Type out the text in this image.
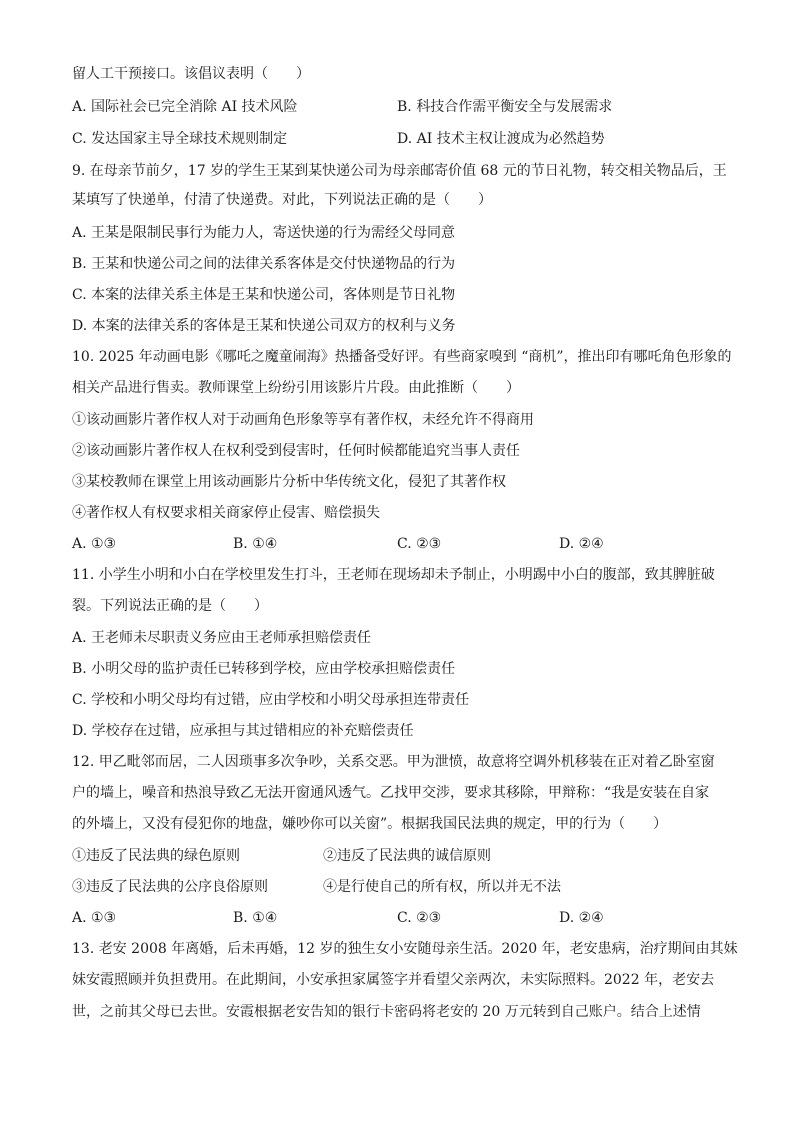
留人工干预接口。该倡议表明（　　）
A. 国际社会已完全消除 AI 技术风险	B. 科技合作需平衡安全与发展需求
C. 发达国家主导全球技术规则制定	D. AI 技术主权让渡成为必然趋势
9. 在母亲节前夕，17 岁的学生王某到某快递公司为母亲邮寄价值 68 元的节日礼物，转交相关物品后，王
某填写了快递单，付清了快递费。对此，下列说法正确的是（　　）
A. 王某是限制民事行为能力人，寄送快递的行为需经父母同意
B. 王某和快递公司之间的法律关系客体是交付快递物品的行为
C. 本案的法律关系主体是王某和快递公司，客体则是节日礼物
D. 本案的法律关系的客体是王某和快递公司双方的权利与义务
10. 2025 年动画电影《哪吒之魔童闹海》热播备受好评。有些商家嗅到 “商机”，推出印有哪吒角色形象的
相关产品进行售卖。教师课堂上纷纷引用该影片片段。由此推断（　　）
①该动画影片著作权人对于动画角色形象等享有著作权，未经允许不得商用
②该动画影片著作权人在权利受到侵害时，任何时候都能追究当事人责任
③某校教师在课堂上用该动画影片分析中华传统文化，侵犯了其著作权
④著作权人有权要求相关商家停止侵害、赔偿损失
A. ①③	B. ①④	C. ②③	D. ②④
11. 小学生小明和小白在学校里发生打斗，王老师在现场却未予制止，小明踢中小白的腹部，致其脾脏破
裂。下列说法正确的是（　　）
A. 王老师未尽职责义务应由王老师承担赔偿责任
B. 小明父母的监护责任已转移到学校，应由学校承担赔偿责任
C. 学校和小明父母均有过错，应由学校和小明父母承担连带责任
D. 学校存在过错，应承担与其过错相应的补充赔偿责任
12. 甲乙毗邻而居，二人因琐事多次争吵，关系交恶。甲为泄愤，故意将空调外机移装在正对着乙卧室窗
户的墙上，噪音和热浪导致乙无法开窗通风透气。乙找甲交涉，要求其移除，甲辩称：“我是安装在自家
的外墙上，又没有侵犯你的地盘，嫌吵你可以关窗”。根据我国民法典的规定，甲的行为（　　）
①违反了民法典的绿色原则	②违反了民法典的诚信原则
③违反了民法典的公序良俗原则	④是行使自己的所有权，所以并无不法
A. ①③	B. ①④	C. ②③	D. ②④
13. 老安 2008 年离婚，后未再婚，12 岁的独生女小安随母亲生活。2020 年，老安患病，治疗期间由其妹
妹安霞照顾并负担费用。在此期间，小安承担家属签字并看望父亲两次，未实际照料。2022 年，老安去
世，之前其父母已去世。安霞根据老安告知的银行卡密码将老安的 20 万元转到自己账户。结合上述情
